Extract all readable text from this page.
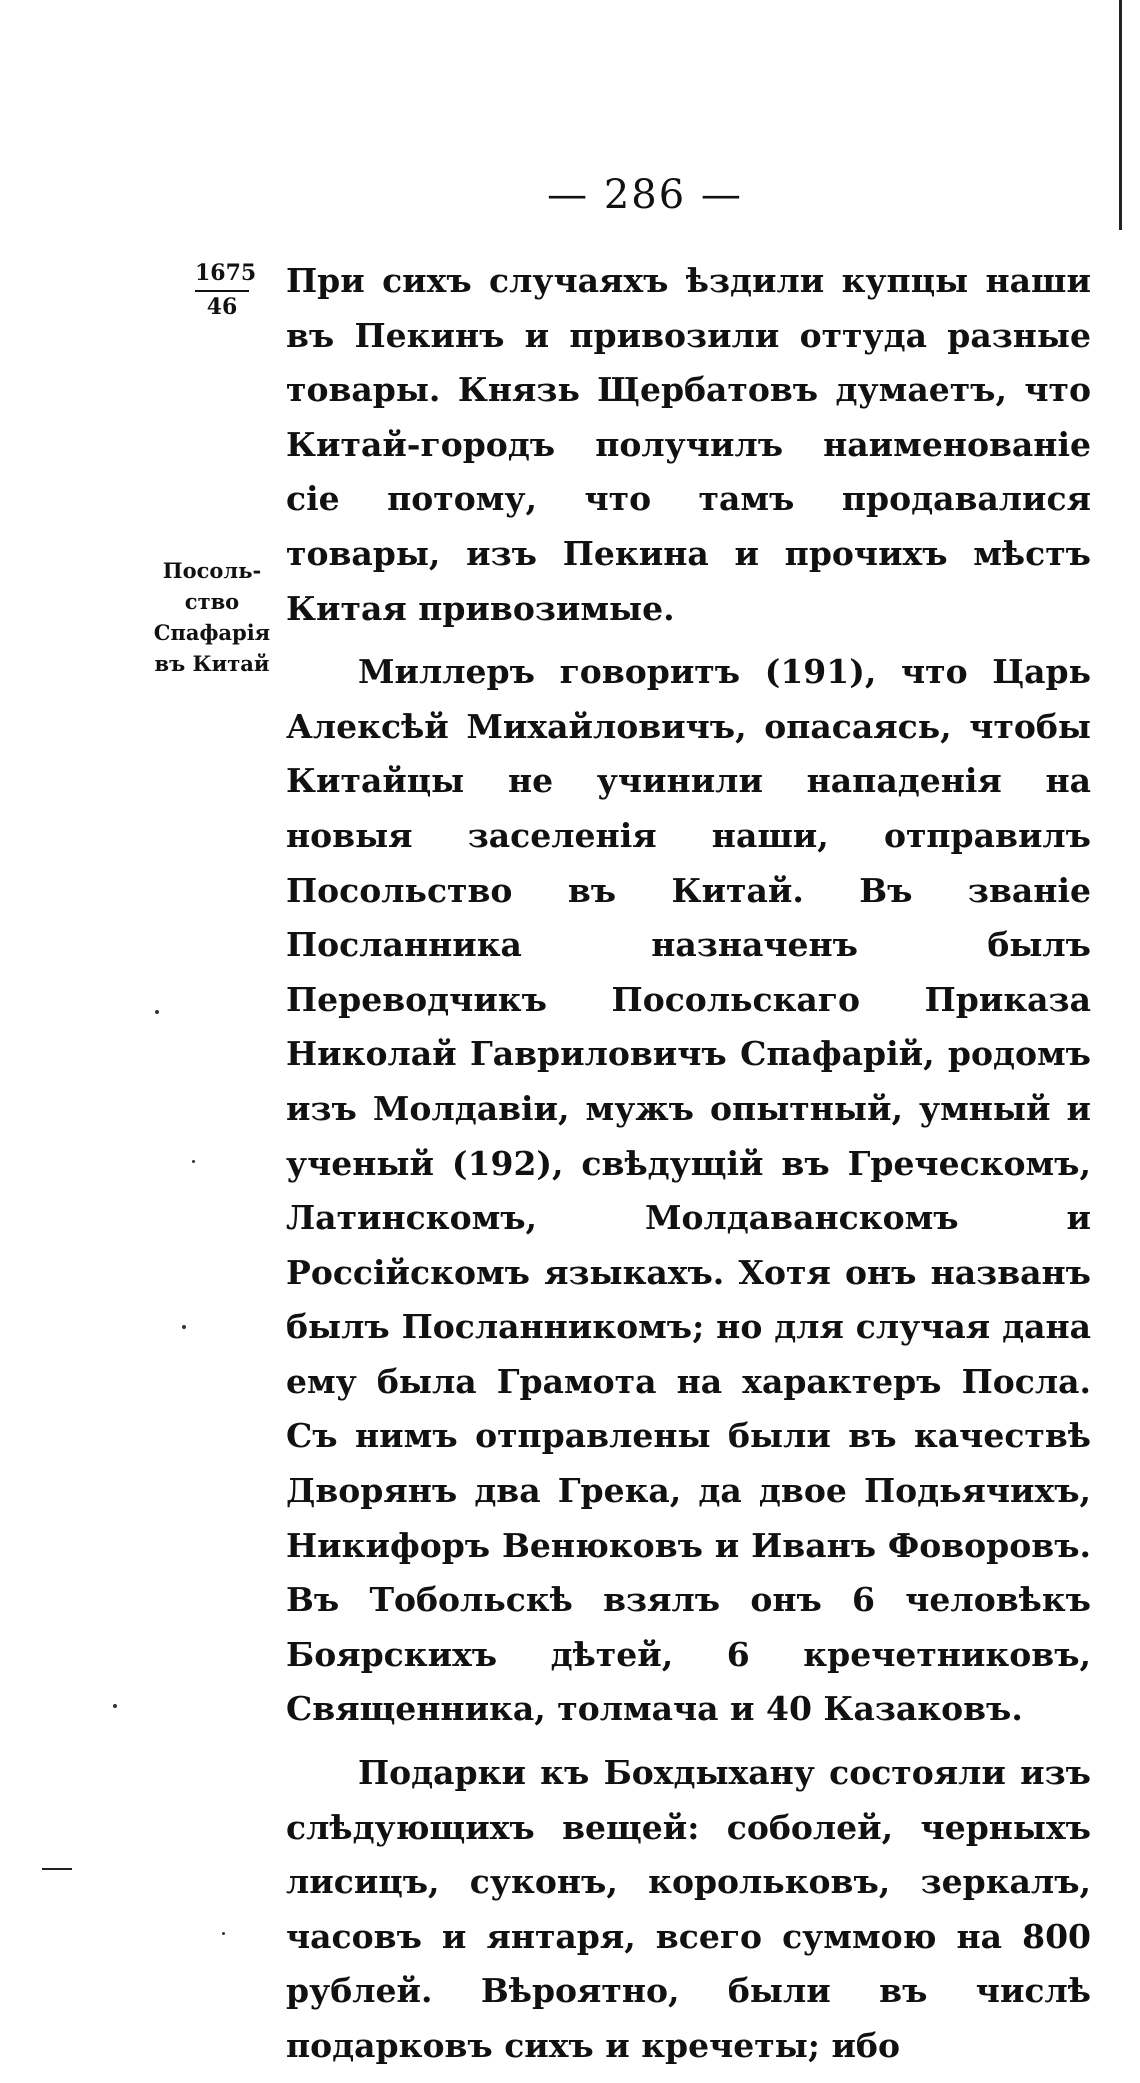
— 286 —
1675
46
Посоль-
ство
Спафарія
въ Китай

При сихъ случаяхъ ѣздили купцы наши въ Пекинъ и привозили оттуда разные товары. Князь Щербатовъ думаетъ, что Китай-городъ получилъ наименованіе сіе потому, что тамъ продавалися товары, изъ Пекина и прочихъ мѣстъ Китая привозимые.

Миллеръ говоритъ (191), что Царь Алексѣй Михайловичъ, опасаясь, чтобы Китайцы не учинили нападенія на новыя заселенія наши, отправилъ Посольство въ Китай. Въ званіе Посланника назначенъ былъ Переводчикъ Посольскаго Приказа Николай Гавриловичъ Спафарій, родомъ изъ Молдавіи, мужъ опытный, умный и ученый (192), свѣдущій въ Греческомъ, Латинскомъ, Молдаванскомъ и Россійскомъ языкахъ. Хотя онъ названъ былъ Посланникомъ; но для случая дана ему была Грамота на характеръ Посла. Съ нимъ отправлены были въ качествѣ Дворянъ два Грека, да двое Подьячихъ, Никифоръ Венюковъ и Иванъ Фоворовъ. Въ Тобольскѣ взялъ онъ 6 человѣкъ Боярскихъ дѣтей, 6 кречетниковъ, Священника, толмача и 40 Казаковъ.

Подарки къ Бохдыхану состояли изъ слѣдующихъ вещей: соболей, черныхъ лисицъ, суконъ, корольковъ, зеркалъ, часовъ и янтаря, всего суммою на 800 рублей. Вѣроятно, были въ числѣ подарковъ сихъ и кречеты; ибо
